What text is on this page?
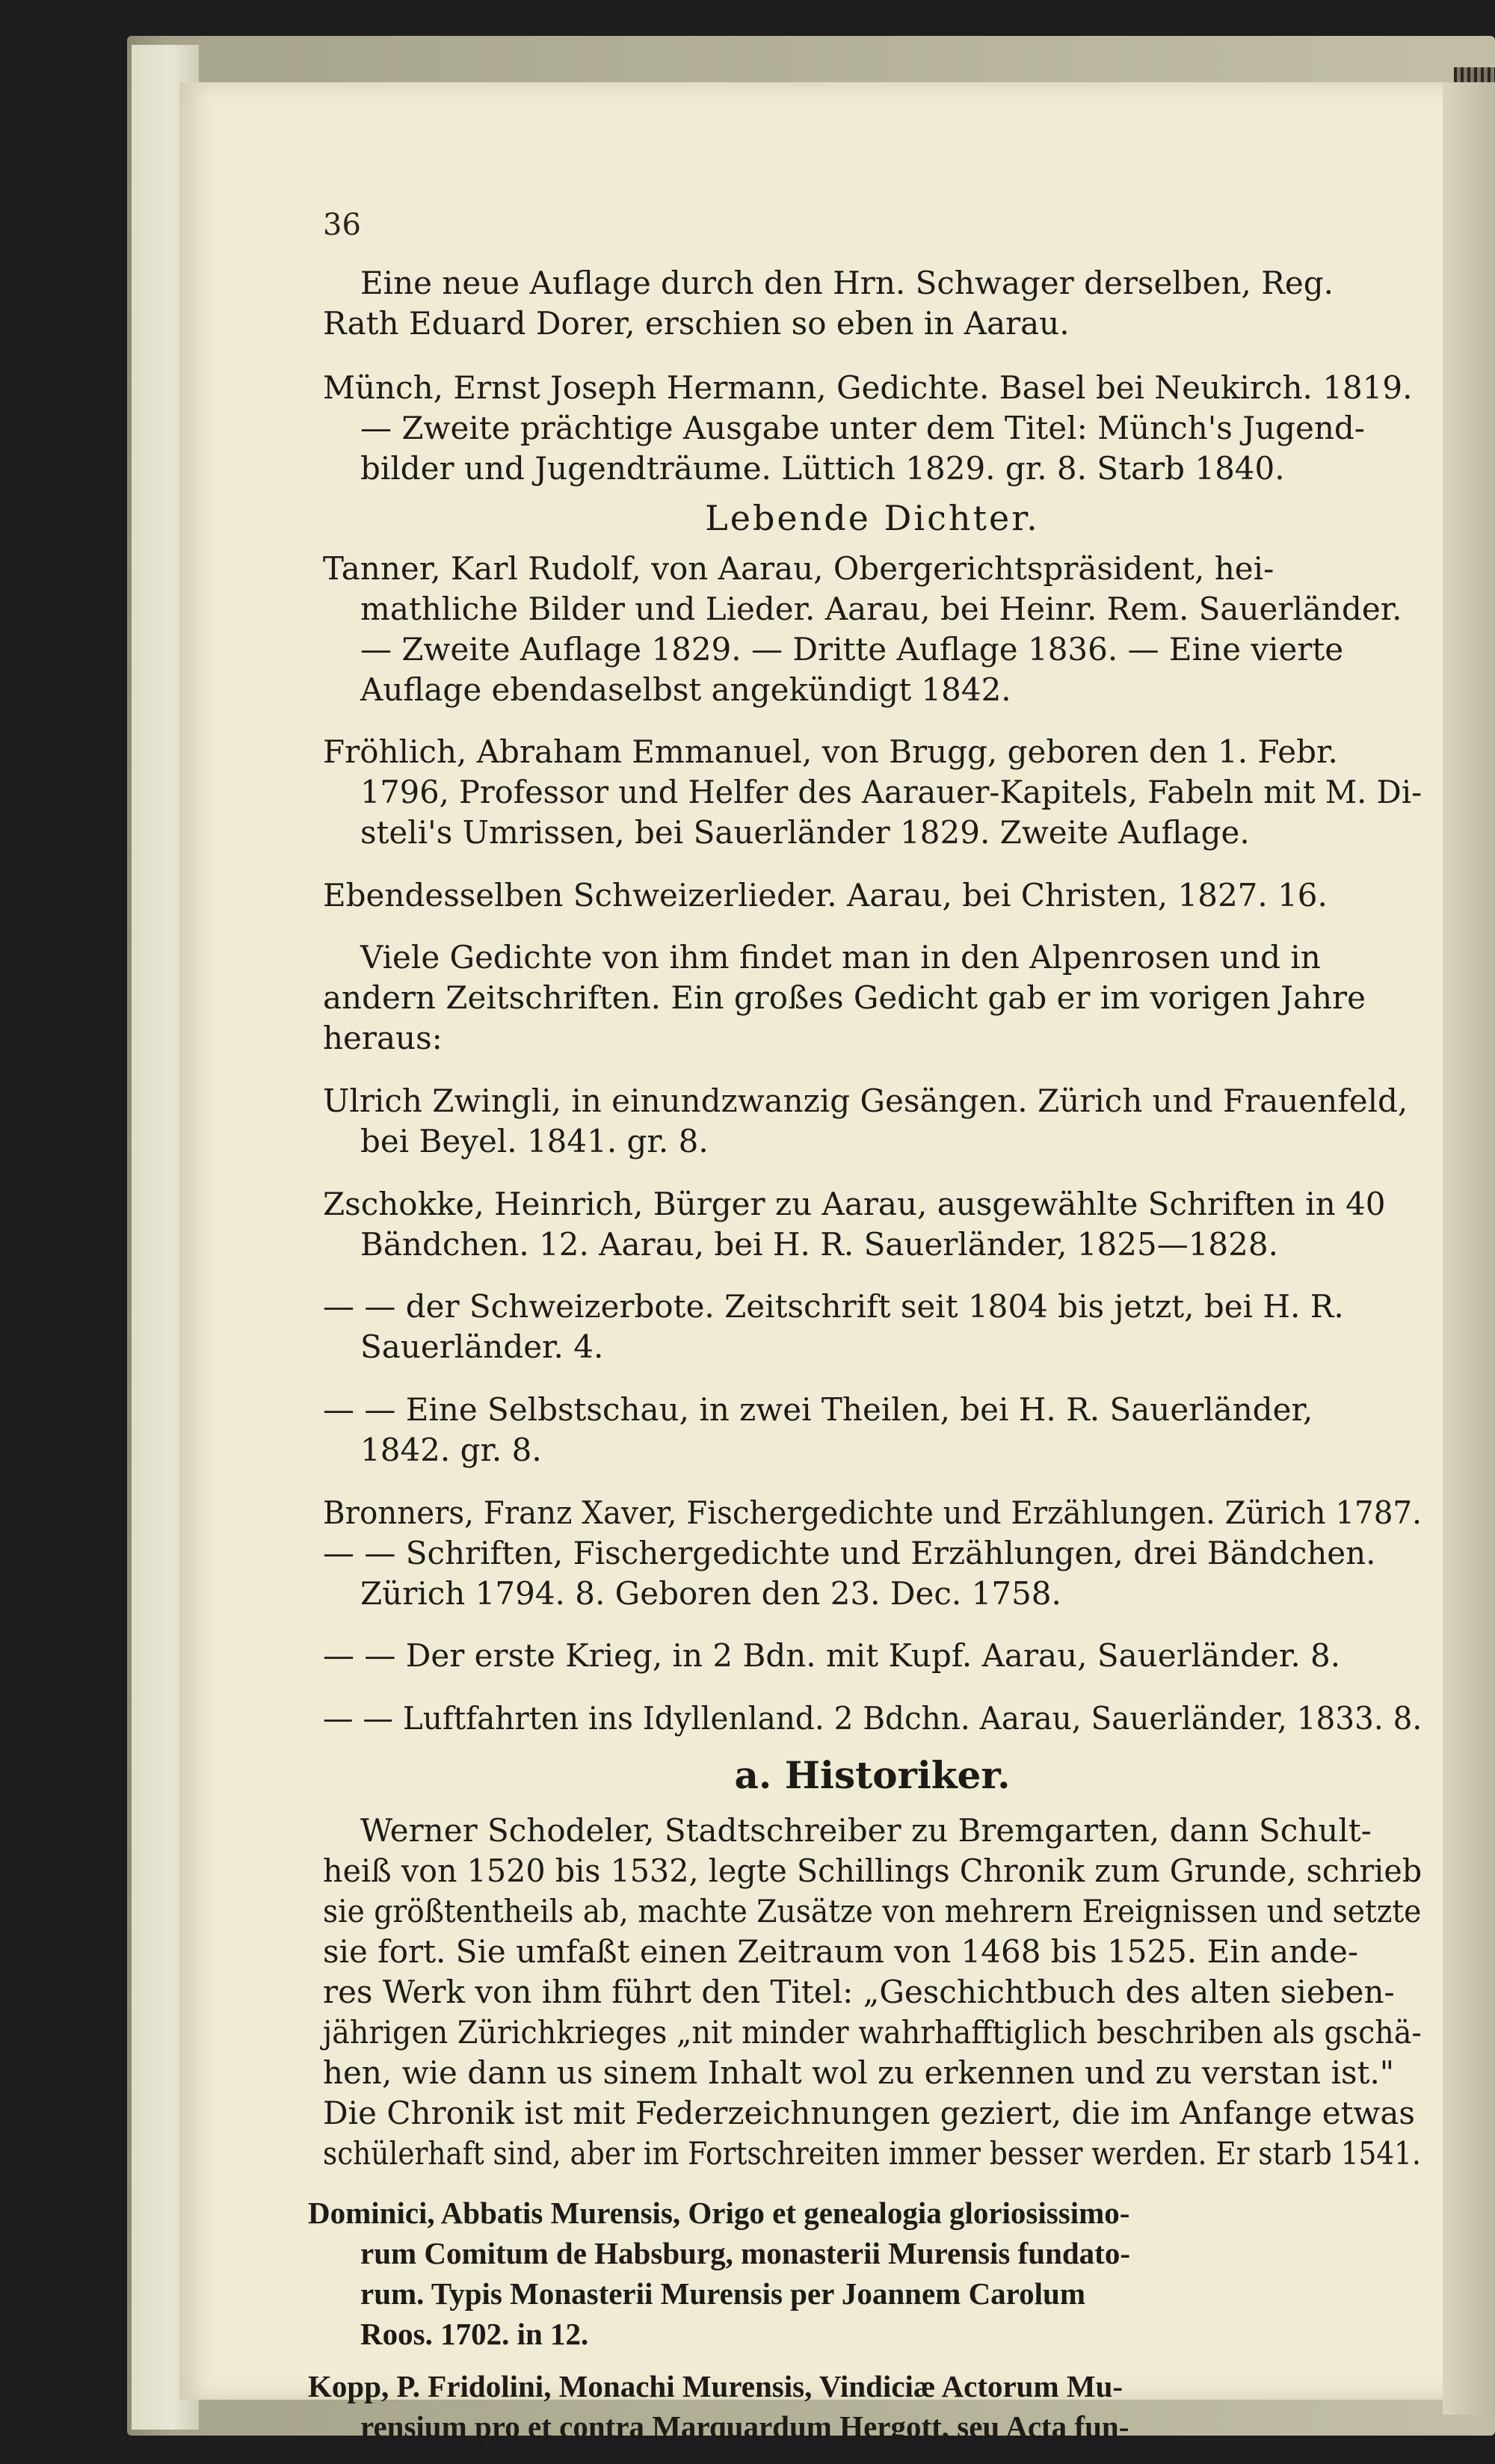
36
Eine neue Auflage durch den Hrn. Schwager derselben, Reg.
Rath Eduard Dorer, erschien so eben in Aarau.
Münch, Ernst Joseph Hermann, Gedichte. Basel bei Neukirch. 1819.
— Zweite prächtige Ausgabe unter dem Titel: Münch's Jugend-
bilder und Jugendträume. Lüttich 1829. gr. 8. Starb 1840.
Lebende Dichter.
Tanner, Karl Rudolf, von Aarau, Obergerichtspräsident, hei-
mathliche Bilder und Lieder. Aarau, bei Heinr. Rem. Sauerländer.
— Zweite Auflage 1829. — Dritte Auflage 1836. — Eine vierte
Auflage ebendaselbst angekündigt 1842.
Fröhlich, Abraham Emmanuel, von Brugg, geboren den 1. Febr.
1796, Professor und Helfer des Aarauer-Kapitels, Fabeln mit M. Di-
steli's Umrissen, bei Sauerländer 1829. Zweite Auflage.
Ebendesselben Schweizerlieder. Aarau, bei Christen, 1827. 16.
Viele Gedichte von ihm findet man in den Alpenrosen und in
andern Zeitschriften. Ein großes Gedicht gab er im vorigen Jahre
heraus:
Ulrich Zwingli, in einundzwanzig Gesängen. Zürich und Frauenfeld,
bei Beyel. 1841. gr. 8.
Zschokke, Heinrich, Bürger zu Aarau, ausgewählte Schriften in 40
Bändchen. 12. Aarau, bei H. R. Sauerländer, 1825—1828.
— — der Schweizerbote. Zeitschrift seit 1804 bis jetzt, bei H. R.
Sauerländer. 4.
— — Eine Selbstschau, in zwei Theilen, bei H. R. Sauerländer,
1842. gr. 8.
Bronners, Franz Xaver, Fischergedichte und Erzählungen. Zürich 1787.
— — Schriften, Fischergedichte und Erzählungen, drei Bändchen.
Zürich 1794. 8. Geboren den 23. Dec. 1758.
— — Der erste Krieg, in 2 Bdn. mit Kupf. Aarau, Sauerländer. 8.
— — Luftfahrten ins Idyllenland. 2 Bdchn. Aarau, Sauerländer, 1833. 8.
a. Historiker.
Werner Schodeler, Stadtschreiber zu Bremgarten, dann Schult-
heiß von 1520 bis 1532, legte Schillings Chronik zum Grunde, schrieb
sie größtentheils ab, machte Zusätze von mehrern Ereignissen und setzte
sie fort. Sie umfaßt einen Zeitraum von 1468 bis 1525. Ein ande-
res Werk von ihm führt den Titel: „Geschichtbuch des alten sieben-
jährigen Zürichkrieges „nit minder wahrhafftiglich beschriben als gschä-
hen, wie dann us sinem Inhalt wol zu erkennen und zu verstan ist."
Die Chronik ist mit Federzeichnungen geziert, die im Anfange etwas
schülerhaft sind, aber im Fortschreiten immer besser werden. Er starb 1541.
Dominici, Abbatis Murensis, Origo et genealogia gloriosissimo-
rum Comitum de Habsburg, monasterii Murensis fundato-
rum. Typis Monasterii Murensis per Joannem Carolum
Roos. 1702. in 12.
Kopp, P. Fridolini, Monachi Murensis, Vindiciæ Actorum Mu-
rensium pro et contra Marquardum Hergott, seu Acta fun-
